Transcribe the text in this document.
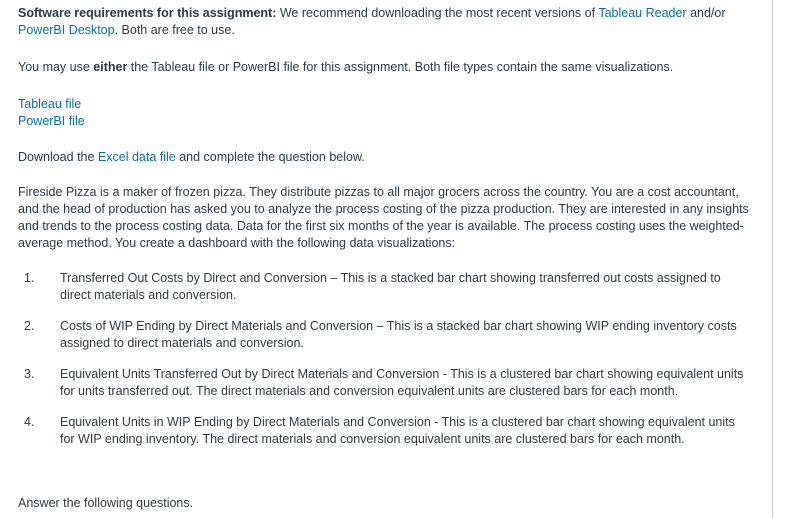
Software requirements for this assignment: We recommend downloading the most recent versions of Tableau Reader and/or PowerBI Desktop. Both are free to use.

You may use either the Tableau file or PowerBI file for this assignment. Both file types contain the same visualizations.

Tableau file
PowerBI file

Download the Excel data file and complete the question below.

Fireside Pizza is a maker of frozen pizza. They distribute pizzas to all major grocers across the country. You are a cost accountant, and the head of production has asked you to analyze the process costing of the pizza production. They are interested in any insights and trends to the process costing data. Data for the first six months of the year is available. The process costing uses the weighted-average method. You create a dashboard with the following data visualizations:

1.	Transferred Out Costs by Direct and Conversion – This is a stacked bar chart showing transferred out costs assigned to direct materials and conversion.
2.	Costs of WIP Ending by Direct Materials and Conversion – This is a stacked bar chart showing WIP ending inventory costs assigned to direct materials and conversion.
3.	Equivalent Units Transferred Out by Direct Materials and Conversion - This is a clustered bar chart showing equivalent units for units transferred out. The direct materials and conversion equivalent units are clustered bars for each month.
4.	Equivalent Units in WIP Ending by Direct Materials and Conversion - This is a clustered bar chart showing equivalent units for WIP ending inventory. The direct materials and conversion equivalent units are clustered bars for each month.

Answer the following questions.
